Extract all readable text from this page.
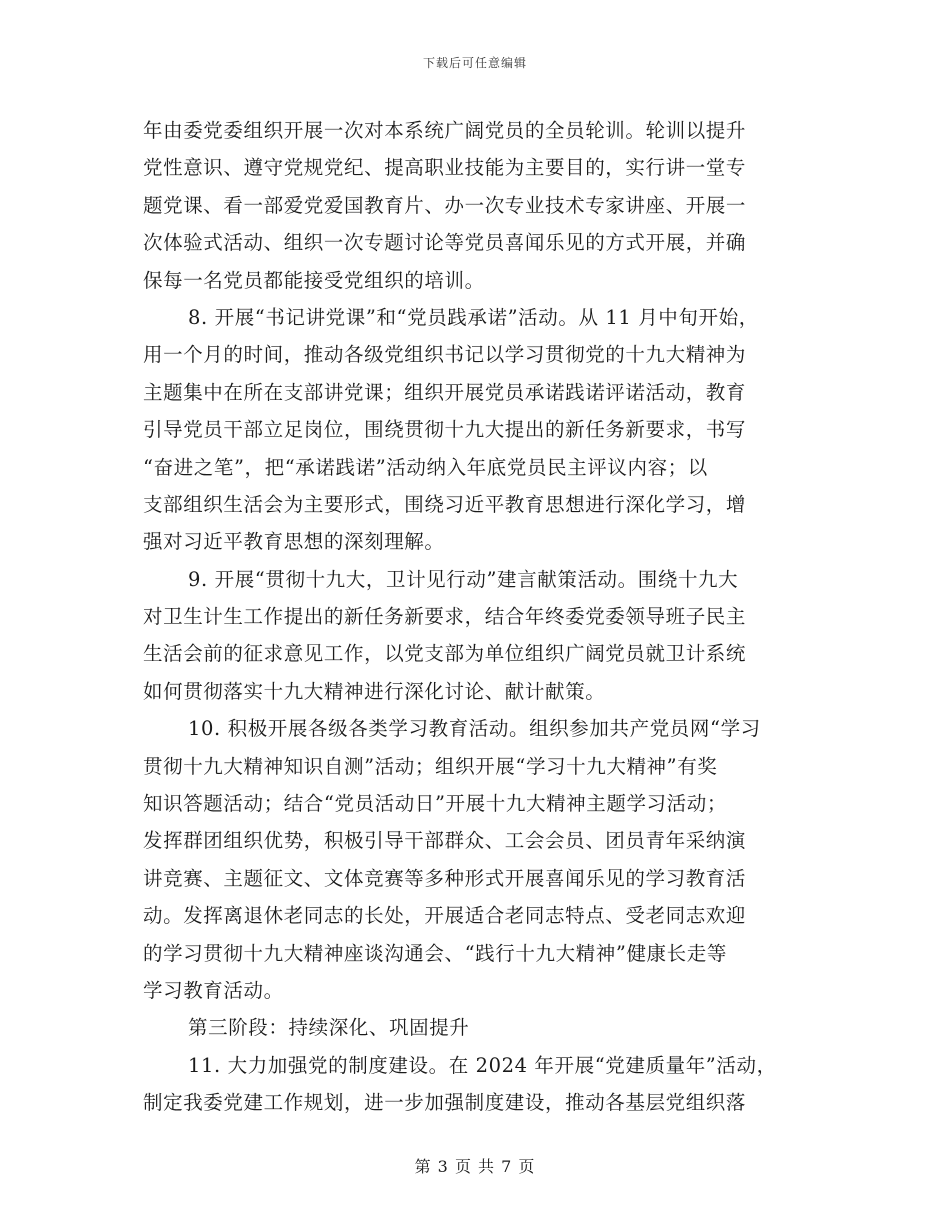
下载后可任意编辑
年由委党委组织开展一次对本系统广阔党员的全员轮训。轮训以提升
党性意识、遵守党规党纪、提高职业技能为主要目的，实行讲一堂专
题党课、看一部爱党爱国教育片、办一次专业技术专家讲座、开展一
次体验式活动、组织一次专题讨论等党员喜闻乐见的方式开展，并确
保每一名党员都能接受党组织的培训。
8. 开展“书记讲党课”和“党员践承诺”活动。从 11 月中旬开始，
用一个月的时间，推动各级党组织书记以学习贯彻党的十九大精神为
主题集中在所在支部讲党课；组织开展党员承诺践诺评诺活动，教育
引导党员干部立足岗位，围绕贯彻十九大提出的新任务新要求，书写
“奋进之笔”，把“承诺践诺”活动纳入年底党员民主评议内容；以
支部组织生活会为主要形式，围绕习近平教育思想进行深化学习，增
强对习近平教育思想的深刻理解。
9. 开展“贯彻十九大，卫计见行动”建言献策活动。围绕十九大
对卫生计生工作提出的新任务新要求，结合年终委党委领导班子民主
生活会前的征求意见工作，以党支部为单位组织广阔党员就卫计系统
如何贯彻落实十九大精神进行深化讨论、献计献策。
10. 积极开展各级各类学习教育活动。组织参加共产党员网“学习
贯彻十九大精神知识自测”活动；组织开展“学习十九大精神”有奖
知识答题活动；结合“党员活动日”开展十九大精神主题学习活动；
发挥群团组织优势，积极引导干部群众、工会会员、团员青年采纳演
讲竞赛、主题征文、文体竞赛等多种形式开展喜闻乐见的学习教育活
动。发挥离退休老同志的长处，开展适合老同志特点、受老同志欢迎
的学习贯彻十九大精神座谈沟通会、“践行十九大精神”健康长走等
学习教育活动。
第三阶段：持续深化、巩固提升
11. 大力加强党的制度建设。在 2024 年开展“党建质量年”活动，
制定我委党建工作规划，进一步加强制度建设，推动各基层党组织落
第 3 页 共 7 页
